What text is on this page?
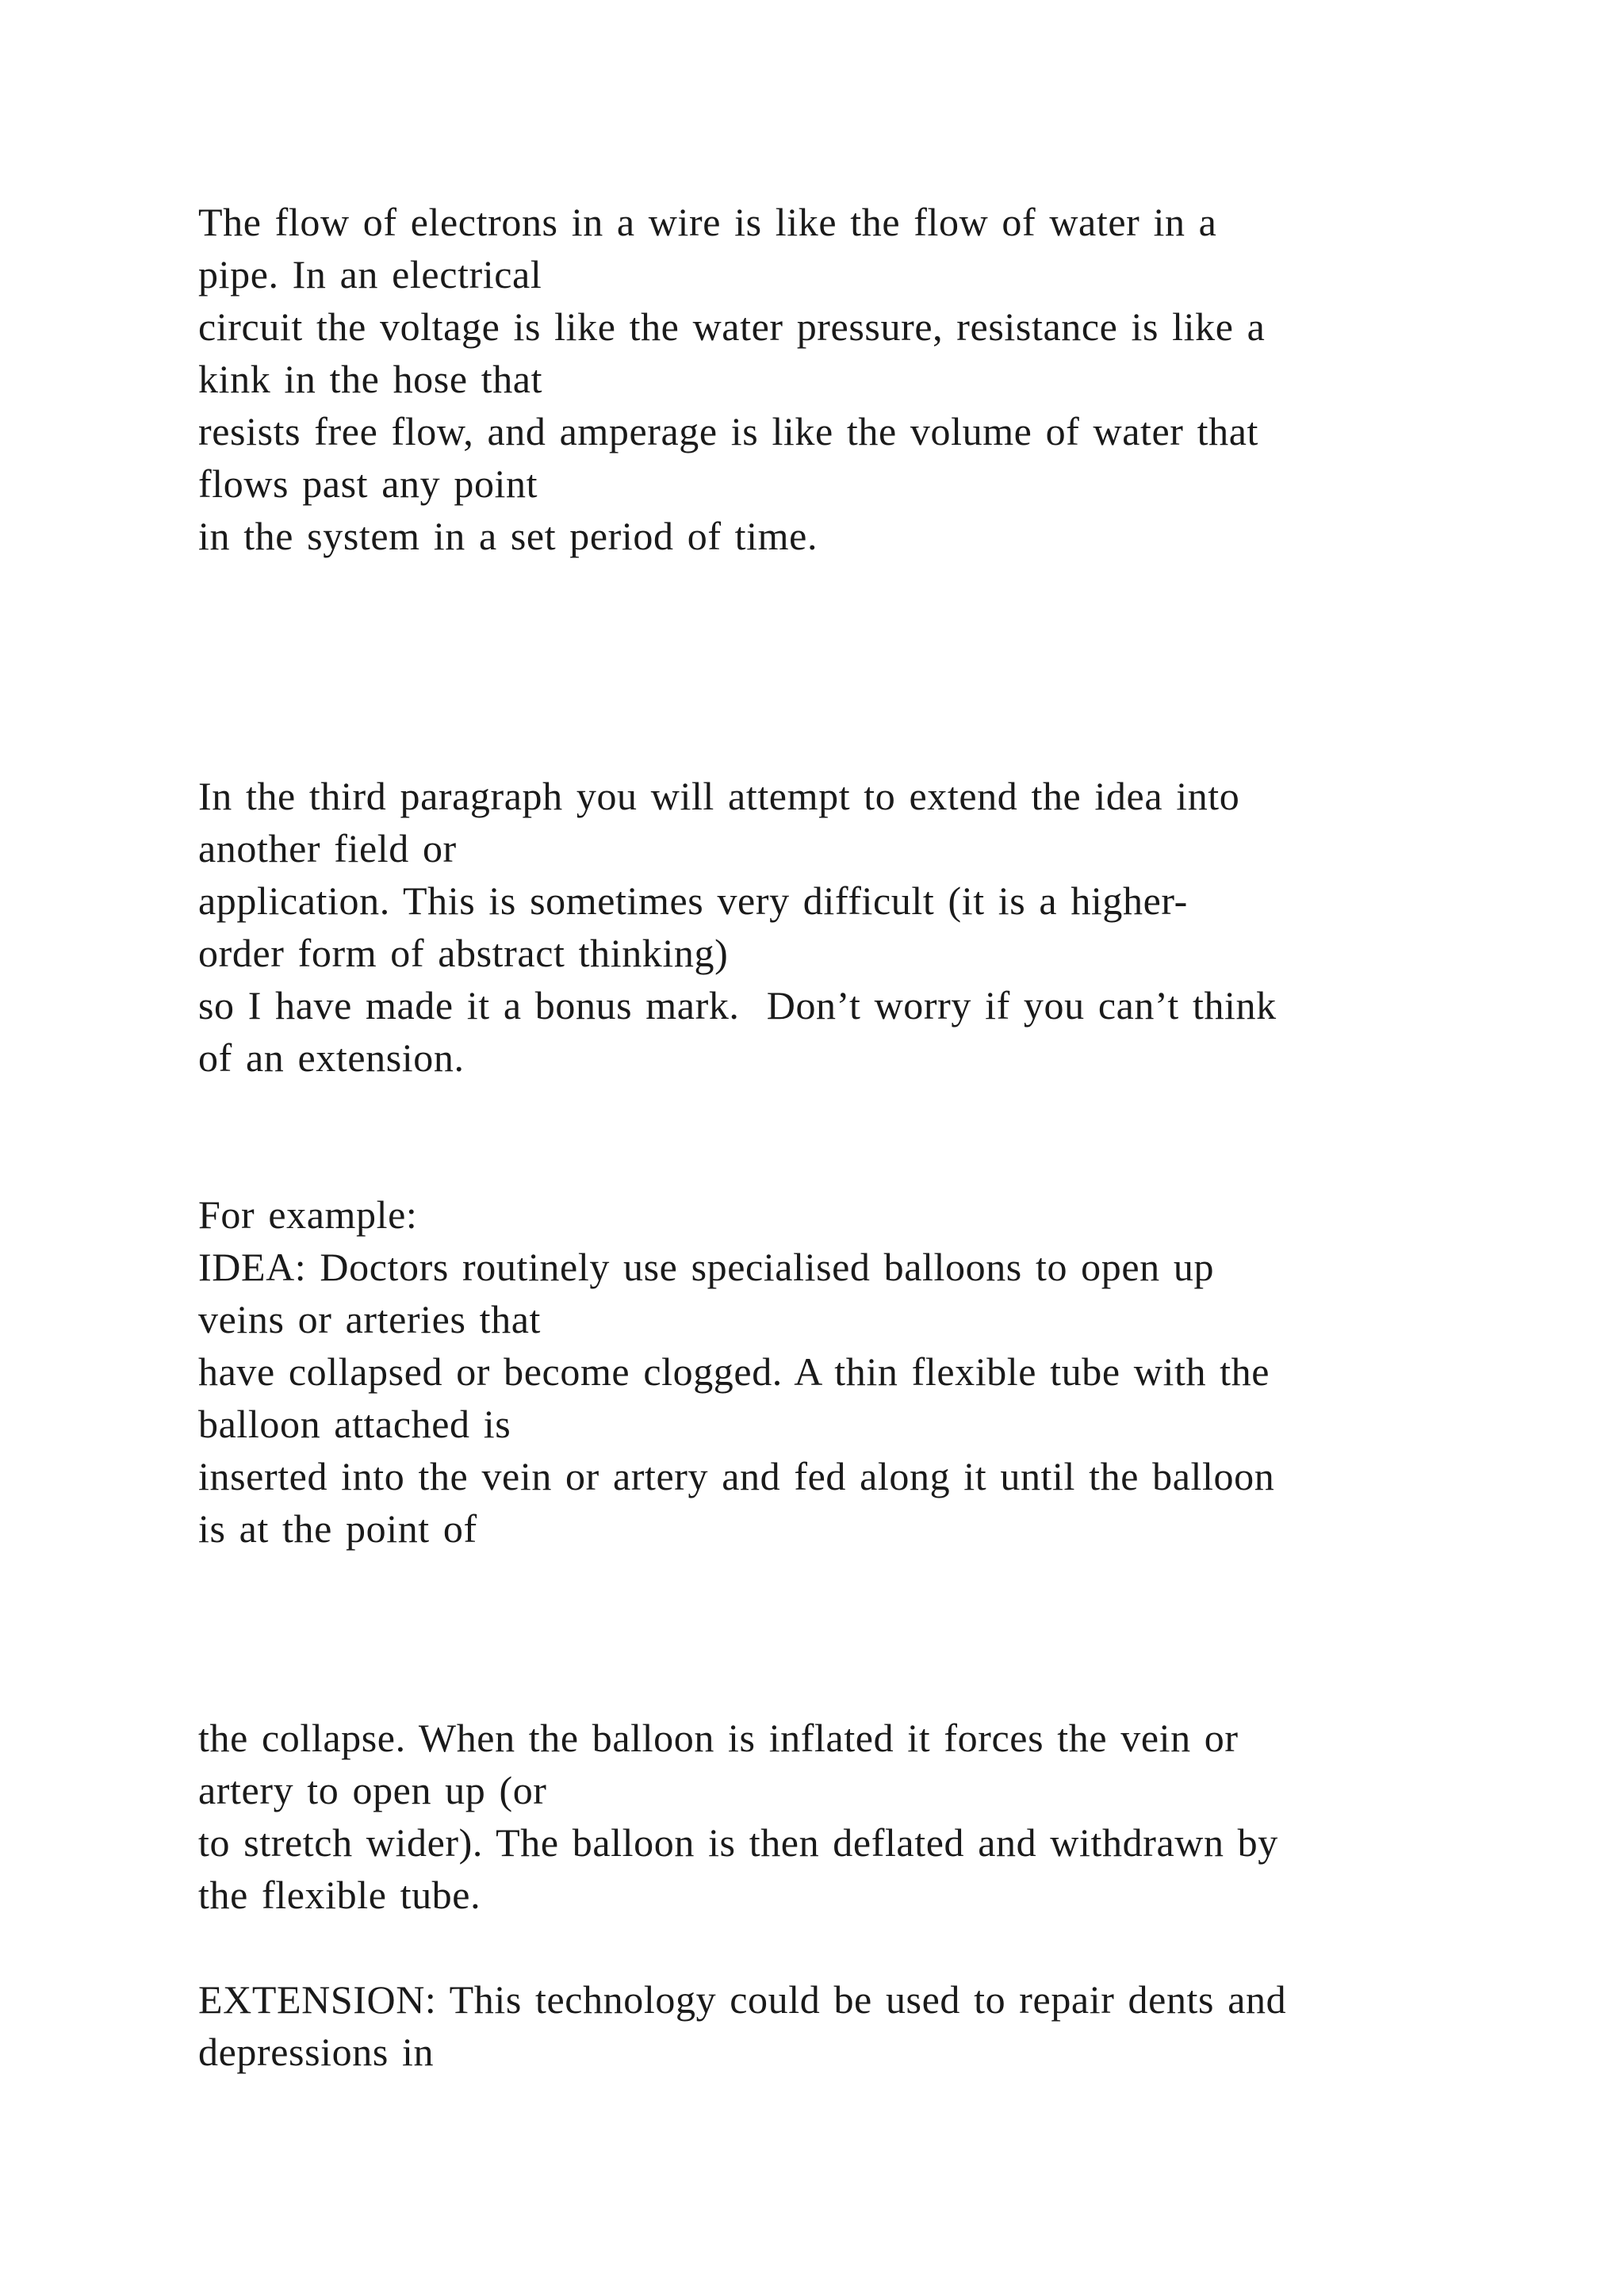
The flow of electrons in a wire is like the flow of water in a
pipe. In an electrical
circuit the voltage is like the water pressure, resistance is like a
kink in the hose that
resists free flow, and amperage is like the volume of water that
flows past any point
in the system in a set period of time.
In the third paragraph you will attempt to extend the idea into
another field or
application. This is sometimes very difficult (it is a higher-
order form of abstract thinking)
so I have made it a bonus mark.  Don’t worry if you can’t think
of an extension.
For example:
IDEA: Doctors routinely use specialised balloons to open up
veins or arteries that
have collapsed or become clogged. A thin flexible tube with the
balloon attached is
inserted into the vein or artery and fed along it until the balloon
is at the point of
the collapse. When the balloon is inflated it forces the vein or
artery to open up (or
to stretch wider). The balloon is then deflated and withdrawn by
the flexible tube.
EXTENSION: This technology could be used to repair dents and
depressions in
